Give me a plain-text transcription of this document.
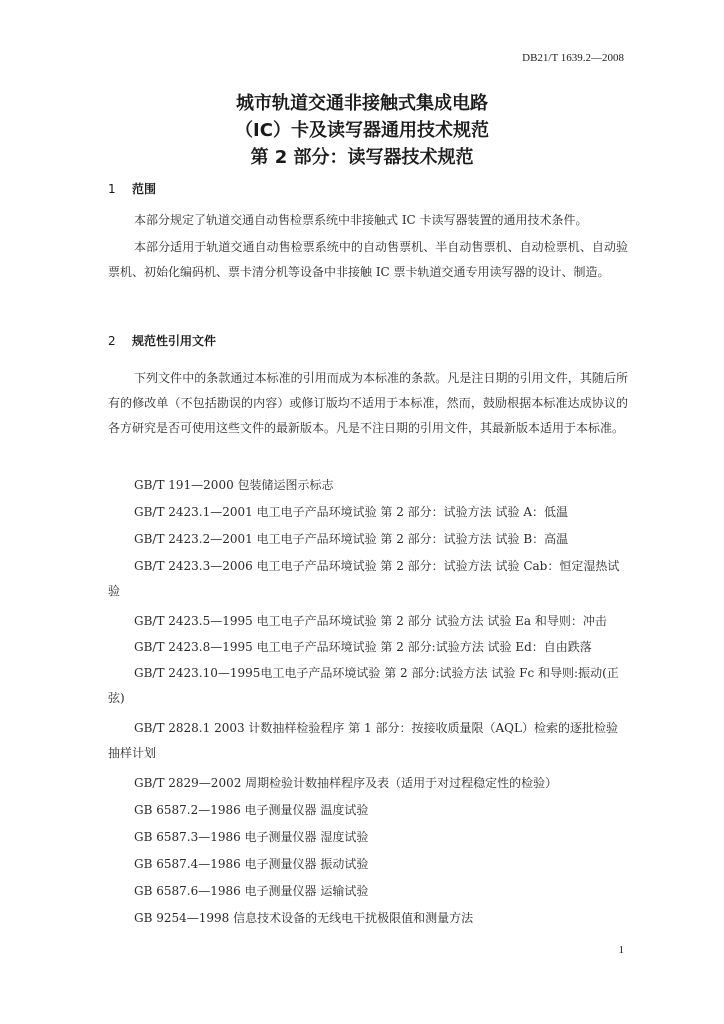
DB21/T 1639.2—2008
城市轨道交通非接触式集成电路
（IC）卡及读写器通用技术规范
第 2 部分：读写器技术规范
1 范围
本部分规定了轨道交通自动售检票系统中非接触式 IC 卡读写器装置的通用技术条件。
本部分适用于轨道交通自动售检票系统中的自动售票机、半自动售票机、自动检票机、自动验票机、初始化编码机、票卡清分机等设备中非接触 IC 票卡轨道交通专用读写器的设计、制造。
2 规范性引用文件
下列文件中的条款通过本标准的引用而成为本标准的条款。凡是注日期的引用文件，其随后所有的修改单（不包括勘误的内容）或修订版均不适用于本标准，然而，鼓励根据本标准达成协议的各方研究是否可使用这些文件的最新版本。凡是不注日期的引用文件，其最新版本适用于本标准。
GB/T 191—2000 包装储运图示标志
GB/T 2423.1—2001 电工电子产品环境试验 第 2 部分：试验方法 试验 A：低温
GB/T 2423.2—2001 电工电子产品环境试验 第 2 部分：试验方法 试验 B：高温
GB/T 2423.3—2006 电工电子产品环境试验 第 2 部分：试验方法 试验 Cab：恒定湿热试验
GB/T 2423.5—1995 电工电子产品环境试验 第 2 部分 试验方法 试验 Ea 和导则：冲击
GB/T 2423.8—1995 电工电子产品环境试验 第 2 部分:试验方法 试验 Ed：自由跌落
GB/T 2423.10—1995电工电子产品环境试验 第 2 部分:试验方法 试验 Fc 和导则:振动(正弦)
GB/T 2828.1 2003 计数抽样检验程序 第 1 部分：按接收质量限（AQL）检索的逐批检验抽样计划
GB/T 2829—2002 周期检验计数抽样程序及表（适用于对过程稳定性的检验）
GB 6587.2—1986 电子测量仪器 温度试验
GB 6587.3—1986 电子测量仪器 湿度试验
GB 6587.4—1986 电子测量仪器 振动试验
GB 6587.6—1986 电子测量仪器 运输试验
GB 9254—1998 信息技术设备的无线电干扰极限值和测量方法
1
